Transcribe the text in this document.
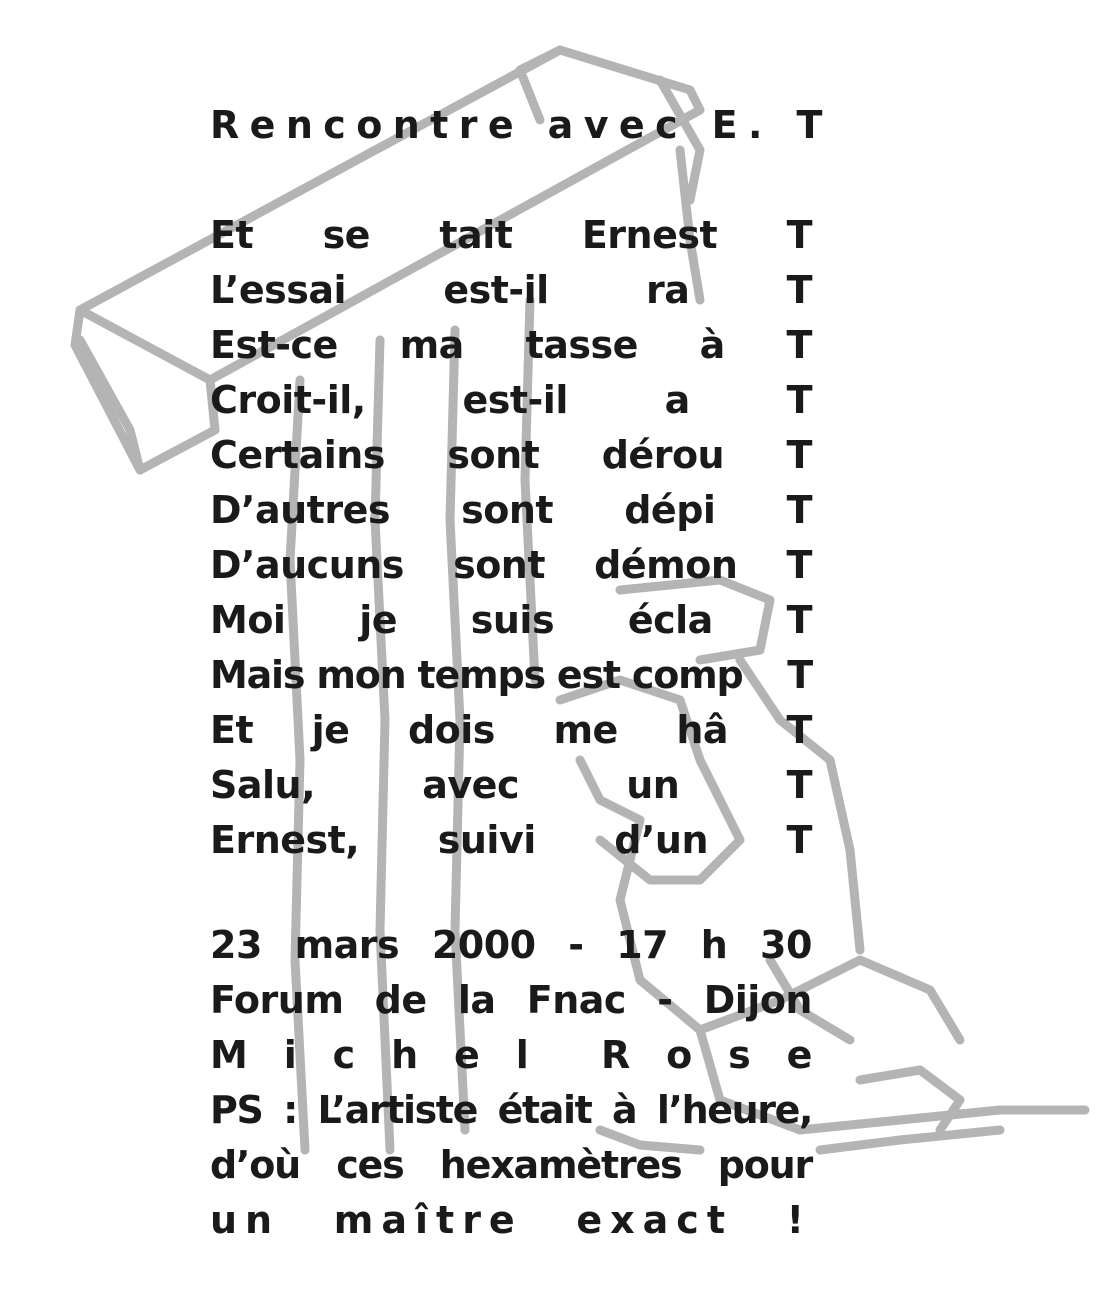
Rencontre avec E. T
Et se tait Ernest T
L’essai	est-il	ra	T
Est-ce ma tasse à T
Croit-il,	est-il	a	T
Certains sont dérou T
D’autres sont dépi T
D’aucuns sont démon T
Moi je suis écla T
Mais mon temps est comp T
Et je dois me hâ T
Salu,	avec	un	T
Ernest, suivi d’un T
23 mars 2000 - 17 h 30
Forum de la Fnac - Dijon
M i c h e l R o s e
PS : L’artiste était à l’heure,
d’où ces hexamètres pour
un maître exact !
